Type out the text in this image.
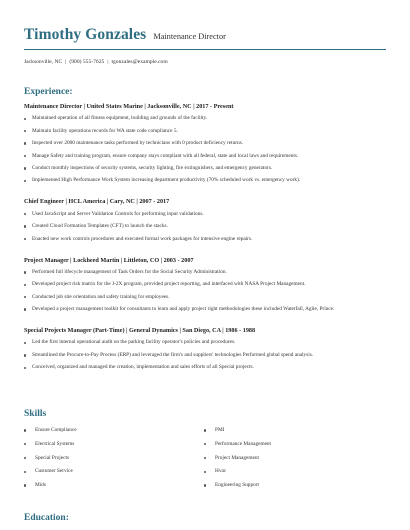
Timothy Gonzales Maintenance Director
Jacksonville, NC | (900) 555-7625 | tgonzales@example.com
Experience:
Maintenance Director | United States Marine | Jacksonville, NC | 2017 - Present
Maintained operation of all fitness equipment, building and grounds of the facility.
Maintain facility operations records for WA state code compliance 5.
Inspected over 2000 maintenance tasks performed by technicians with 0 product deficiency returns.
Manage Safety and training program, ensure company stays compliant with all federal, state and local laws and requirements.
Conduct monthly inspections of security systems, security lighting, fire extinguishers, and emergency generators.
Implemented High Performance Work System increasing department productivity (70% scheduled work vs. emergency work).
Chief Engineer | HCL America | Cary, NC | 2007 - 2017
Used JavaScript and Server Validation Controls for performing input validations.
Created Cloud Formation Templates (CFT) to launch the stacks.
Enacted new work controls procedures and executed formal work packages for intensive engine repairs.
Project Manager | Lockheed Martin | Littleton, CO | 2003 - 2007
Performed full lifecycle management of Task Orders for the Social Security Administration.
Developed project risk matrix for the J-2X program, provided project reporting, and interfaced with NASA Project Management.
Conducted job site orientation and safety training for employees.
Developed a project management toolkit for consultants to learn and apply project right methodologies these included Waterfall, Agile, Prince.
Special Projects Manager (Part-Time) | General Dynamics | San Diego, CA | 1986 - 1988
Led the first internal operational audit on the parking facility operator's policies and procedures.
Streamlined the Procure-to-Pay Process (ERP) and leveraged the firm's and suppliers' technologies Performed global spend analysis.
Conceived, organized and managed the creation, implementation and sales efforts of all Special projects.
Skills
Ensure Compliance
Electrical Systems
Special Projects
Customer Service
Mids
PMI
Performance Management
Project Management
Hvac
Engineering Support
Education:
